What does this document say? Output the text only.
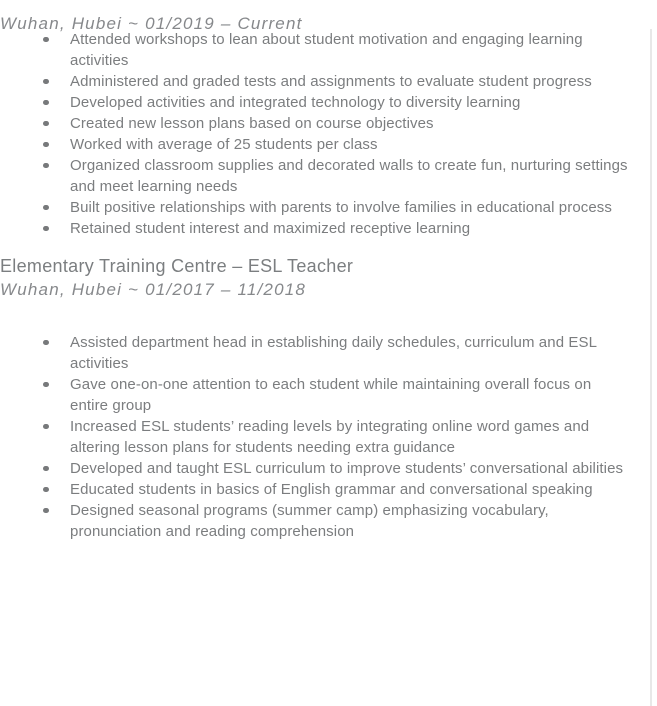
Wuhan, Hubei ~ 01/2019 – Current
Attended workshops to lean about student motivation and engaging learning activities
Administered and graded tests and assignments to evaluate student progress
Developed activities and integrated technology to diversity learning
Created new lesson plans based on course objectives
Worked with average of 25 students per class
Organized classroom supplies and decorated walls to create fun, nurturing settings and meet learning needs
Built positive relationships with parents to involve families in educational process
Retained student interest and maximized receptive learning
Elementary Training Centre – ESL Teacher
Wuhan, Hubei ~ 01/2017 – 11/2018
Assisted department head in establishing daily schedules, curriculum and ESL activities
Gave one-on-one attention to each student while maintaining overall focus on entire group
Increased ESL students’ reading levels by integrating online word games and altering lesson plans for students needing extra guidance
Developed and taught ESL curriculum to improve students’ conversational abilities
Educated students in basics of English grammar and conversational speaking
Designed seasonal programs (summer camp) emphasizing vocabulary, pronunciation and reading comprehension
